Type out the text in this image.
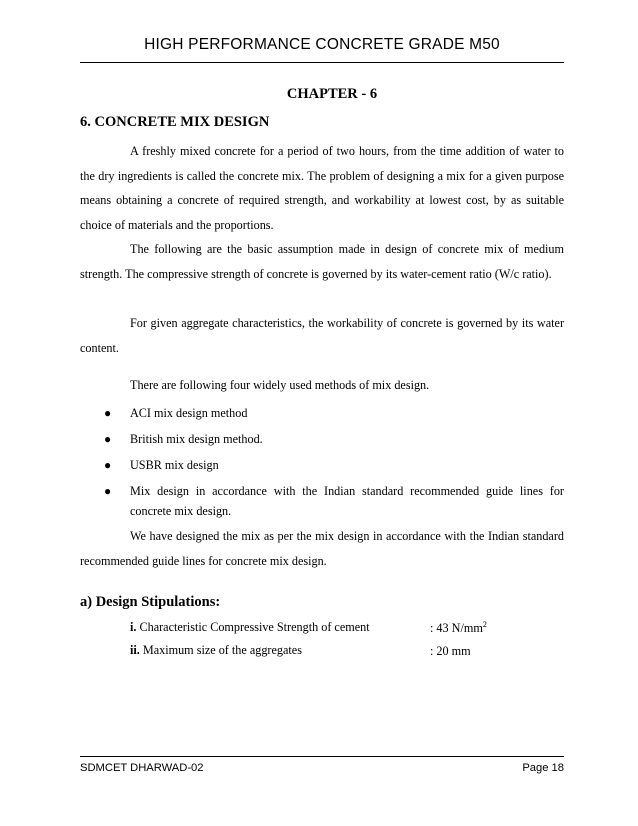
HIGH PERFORMANCE CONCRETE GRADE M50
CHAPTER - 6
6. CONCRETE MIX DESIGN

A freshly mixed concrete for a period of two hours, from the time addition of water to the dry ingredients is called the concrete mix. The problem of designing a mix for a given purpose means obtaining a concrete of required strength, and workability at lowest cost, by as suitable choice of materials and the proportions.

The following are the basic assumption made in design of concrete mix of medium strength. The compressive strength of concrete is governed by its water-cement ratio (W/c ratio).

For given aggregate characteristics, the workability of concrete is governed by its water content.

There are following four widely used methods of mix design.

● ACI mix design method
● British mix design method.
● USBR mix design
● Mix design in accordance with the Indian standard recommended guide lines for concrete mix design.

We have designed the mix as per the mix design in accordance with the Indian standard recommended guide lines for concrete mix design.

a) Design Stipulations:
i. Characteristic Compressive Strength of cement	: 43 $N/mm^2$
ii. Maximum size of the aggregates	: 20 mm
SDMCET DHARWAD-02	Page 18
